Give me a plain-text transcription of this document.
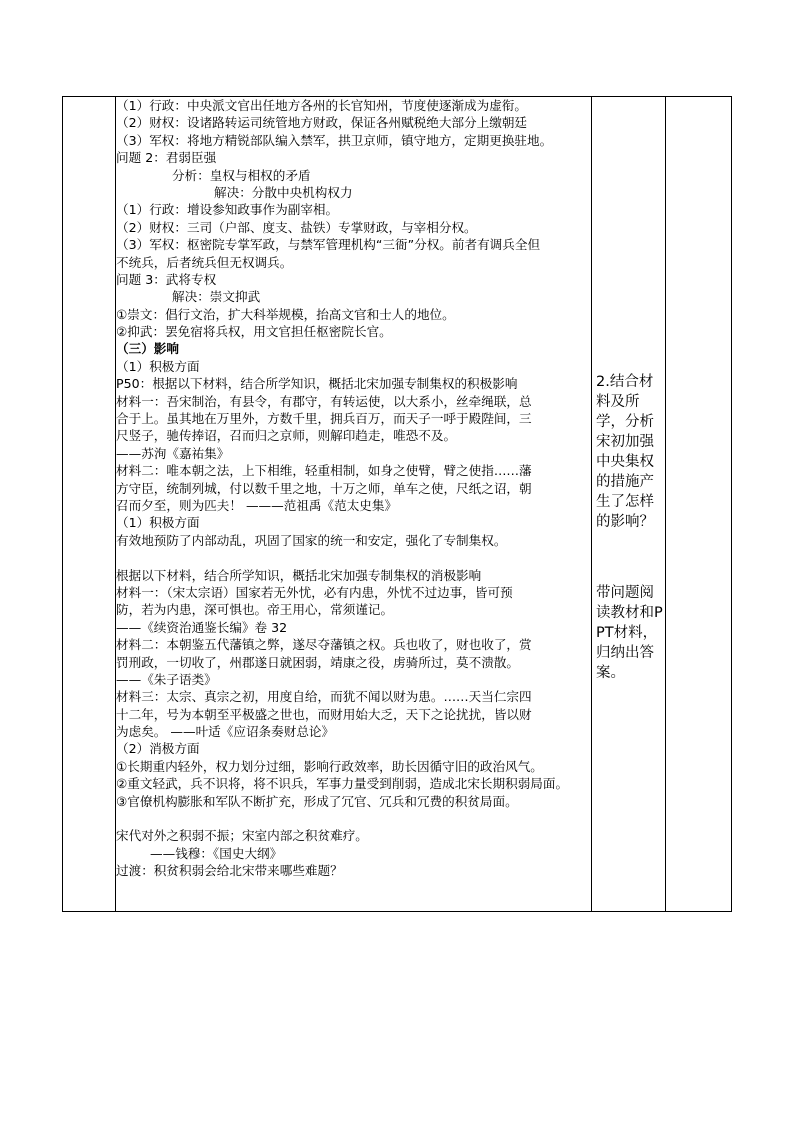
（1）行政：中央派文官出任地方各州的长官知州，节度使逐渐成为虚衔。
（2）财权：设诸路转运司统管地方财政，保证各州赋税绝大部分上缴朝廷
（3）军权：将地方精锐部队编入禁军，拱卫京师，镇守地方，定期更换驻地。
问题 2：君弱臣强
分析：皇权与相权的矛盾
解决：分散中央机构权力
（1）行政：增设参知政事作为副宰相。
（2）财权：三司（户部、度支、盐铁）专掌财政，与宰相分权。
（3）军权：枢密院专掌军政，与禁军管理机构“三衙”分权。前者有调兵全但
不统兵，后者统兵但无权调兵。
问题 3：武将专权
解决：崇文抑武
①崇文：倡行文治，扩大科举规模，抬高文官和士人的地位。
②抑武：罢免宿将兵权，用文官担任枢密院长官。
（三）影响
（1）积极方面
P50：根据以下材料，结合所学知识，概括北宋加强专制集权的积极影响
材料一：吾宋制治，有县令，有郡守，有转运使，以大系小，丝牵绳联，总
合于上。虽其地在万里外，方数千里，拥兵百万，而天子一呼于殿陛间，三
尺竖子，驰传捧诏，召而归之京师，则解印趋走，唯恐不及。
——苏洵《嘉祐集》
材料二：唯本朝之法，上下相维，轻重相制，如身之使臂，臂之使指……藩
方守臣，统制列城，付以数千里之地，十万之师，单车之使，尺纸之诏，朝
召而夕至，则为匹夫！ ———范祖禹《范太史集》
（1）积极方面
有效地预防了内部动乱，巩固了国家的统一和安定，强化了专制集权。
根据以下材料，结合所学知识，概括北宋加强专制集权的消极影响
材料一：（宋太宗语）国家若无外忧，必有内患，外忧不过边事，皆可预
防，若为内患，深可惧也。帝王用心，常须谨记。
——《续资治通鉴长编》卷 32
材料二：本朝鉴五代藩镇之弊，遂尽夺藩镇之权。兵也收了，财也收了，赏
罚刑政，一切收了，州郡遂日就困弱，靖康之役，虏骑所过，莫不溃散。
——《朱子语类》
材料三：太宗、真宗之初，用度自给，而犹不闻以财为患。……天当仁宗四
十二年，号为本朝至平极盛之世也，而财用始大乏，天下之论扰扰，皆以财
为虑矣。 ——叶适《应诏条奏财总论》
（2）消极方面
①长期重内轻外，权力划分过细，影响行政效率，助长因循守旧的政治风气。
②重文轻武，兵不识将，将不识兵，军事力量受到削弱，造成北宋长期积弱局面。
③官僚机构膨胀和军队不断扩充，形成了冗官、冗兵和冗费的积贫局面。
宋代对外之积弱不振；宋室内部之积贫难疗。
——钱穆：《国史大纲》
过渡：积贫积弱会给北宋带来哪些难题？
2.结合材料及所学，分析宋初加强中央集权的措施产生了怎样的影响？
带问题阅读教材和PPT材料，归纳出答案。
